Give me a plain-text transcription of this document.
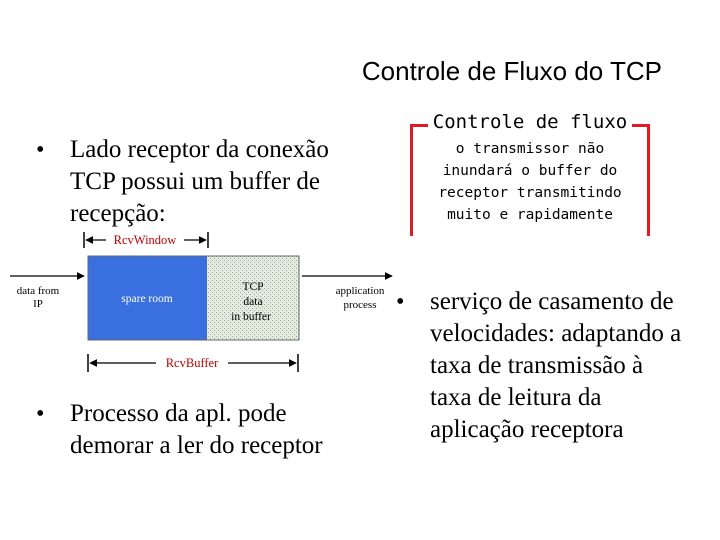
Controle de Fluxo do TCP
•	Lado receptor da conexão TCP possui um buffer de recepção:
•	Processo da apl. pode demorar a ler do receptor
Controle de fluxo
o transmissor não inundará o buffer do receptor transmitindo muito e rapidamente
•	serviço de casamento de velocidades: adaptando a taxa de transmissão à taxa de leitura da aplicação receptora
RcvWindow
spare room
TCP
data
in buffer
data from
IP
application
process
RcvBuffer
